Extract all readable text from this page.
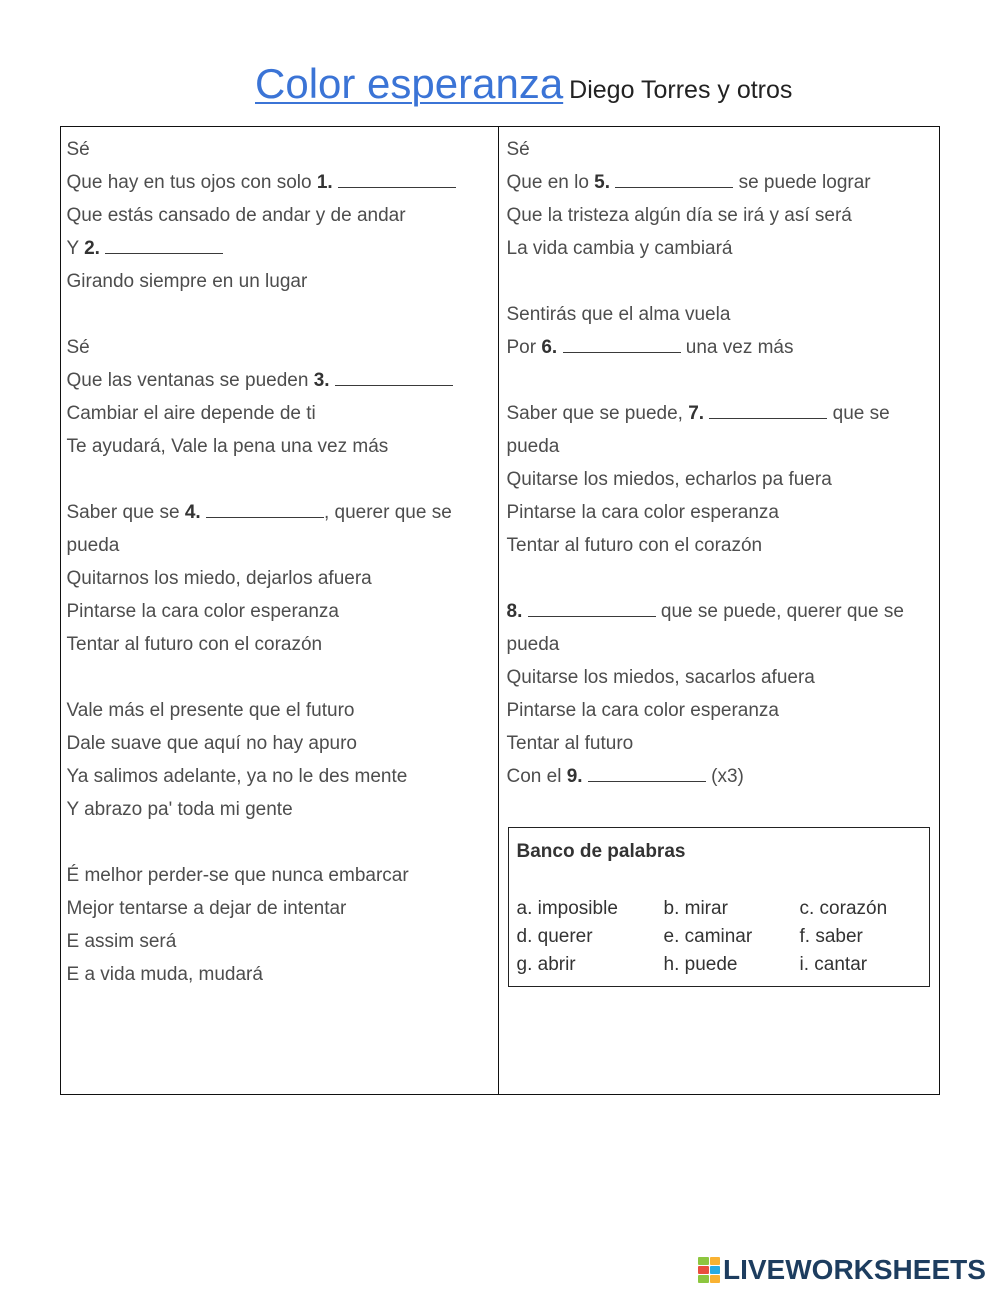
Color esperanza Diego Torres y otros
Sé
Que hay en tus ojos con solo 1.
Que estás cansado de andar y de andar
Y 2.
Girando siempre en un lugar
Sé
Que las ventanas se pueden 3.
Cambiar el aire depende de ti
Te ayudará, Vale la pena una vez más
Saber que se 4.	, querer que se
pueda
Quitarnos los miedo, dejarlos afuera
Pintarse la cara color esperanza
Tentar al futuro con el corazón
Vale más el presente que el futuro
Dale suave que aquí no hay apuro
Ya salimos adelante, ya no le des mente
Y abrazo pa' toda mi gente
É melhor perder-se que nunca embarcar
Mejor tentarse a dejar de intentar
E assim será
E a vida muda, mudará
Sé
Que en lo 5.	se puede lograr
Que la tristeza algún día se irá y así será
La vida cambia y cambiará
Sentirás que el alma vuela
Por 6.	una vez más
Saber que se puede, 7.	que se
pueda
Quitarse los miedos, echarlos pa fuera
Pintarse la cara color esperanza
Tentar al futuro con el corazón
8.	que se puede, querer que se
pueda
Quitarse los miedos, sacarlos afuera
Pintarse la cara color esperanza
Tentar al futuro
Con el 9.	(x3)
Banco de palabras
a. imposible	b. mirar	c. corazón
d. querer	e. caminar	f. saber
g. abrir	h. puede	i. cantar
LIVEWORKSHEETS
